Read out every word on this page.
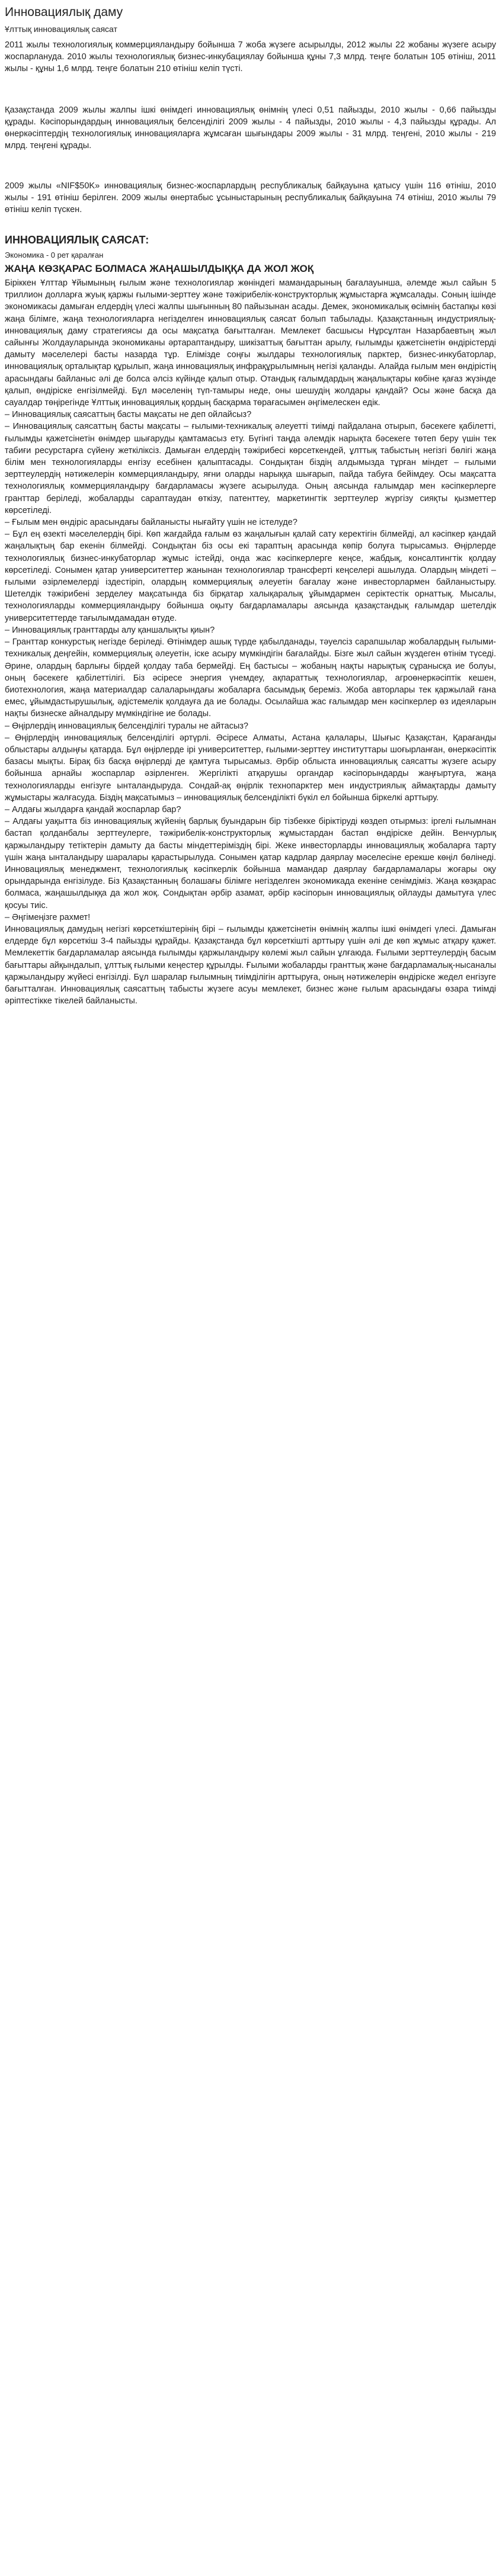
Инновациялық даму

Ұлттық инновациялық саясат

2011 жылы технологиялық коммерцияландыру бойынша 7 жоба жүзеге асырылды, 2012 жылы 22 жобаны жүзеге асыру жоспарлануда. 2010 жылы технологиялық бизнес-инкубациялау бойынша құны 7,3 млрд. теңге болатын 105 өтініш, 2011 жылы - құны 1,6 млрд. теңге болатын 210 өтініш келіп түсті.

Қазақстанда 2009 жылы жалпы ішкі өнімдегі инновациялық өнімнің үлесі 0,51 пайызды, 2010 жылы - 0,66 пайызды құрады. Кәсіпорындардың инновациялық белсенділігі 2009 жылы - 4 пайызды, 2010 жылы - 4,3 пайызды құрады. Ал өнеркәсіптердің технологиялық инновацияларға жұмсаған шығындары 2009 жылы - 31 млрд. теңгені, 2010 жылы - 219 млрд. теңгені құрады.

2009 жылы «NIF$50K» инновациялық бизнес-жоспарлардың республикалық байқауына қатысу үшін 116 өтініш, 2010 жылы - 191 өтініш берілген. 2009 жылы өнертабыс ұсыныстарының республикалық байқауына 74 өтініш, 2010 жылы 79 өтініш келіп түскен.

ИННОВАЦИЯЛЫҚ САЯСАТ:
Экономика - 0 рет қаралған
ЖАҢА КӨЗҚАРАС БОЛМАСА ЖАҢАШЫЛДЫҚҚА ДА ЖОЛ ЖОҚ

Біріккен Ұлттар Ұйымының ғылым және технологиялар жөніндегі мамандарының бағалауынша, әлемде жыл сайын 5 триллион долларға жуық қаржы ғылыми-зерттеу және тәжірибелік-конструкторлық жұмыстарға жұмсалады. Соның ішінде экономикасы дамыған елдердің үлесі жалпы шығынның 80 пайызынан асады. Демек, экономикалық өсімнің бастапқы көзі жаңа білімге, жаңа технологияларға негізделген инновациялық саясат болып табылады. Қазақстанның индустриялық-инновациялық даму стратегиясы да осы мақсатқа бағытталған. Мемлекет басшысы Нұрсұлтан Назарбаевтың жыл сайынғы Жолдауларында экономиканы әртараптандыру, шикізаттық бағыттан арылу, ғылымды қажетсінетін өндірістерді дамыту мәселелері басты назарда тұр. Елімізде соңғы жылдары технологиялық парктер, бизнес-инкубаторлар, инновациялық орталықтар құрылып, жаңа инновациялық инфрақұрылымның негізі қаланды. Алайда ғылым мен өндірістің арасындағы байланыс әлі де болса әлсіз күйінде қалып отыр. Отандық ғалымдардың жаңалықтары көбіне қағаз жүзінде қалып, өндіріске енгізілмейді. Бұл мәселенің түп-тамыры неде, оны шешудің жолдары қандай? Осы және басқа да сауалдар төңірегінде Ұлттық инновациялық қордың басқарма төрағасымен әңгімелескен едік.

– Инновациялық саясаттың басты мақсаты не деп ойлайсыз?

– Инновациялық саясаттың басты мақсаты – ғылыми-техникалық әлеуетті тиімді пайдалана отырып, бәсекеге қабілетті, ғылымды қажетсінетін өнімдер шығаруды қамтамасыз ету. Бүгінгі таңда әлемдік нарықта бәсекеге төтеп беру үшін тек табиғи ресурстарға сүйену жеткіліксіз. Дамыған елдердің тәжірибесі көрсеткендей, ұлттық табыстың негізгі бөлігі жаңа білім мен технологияларды енгізу есебінен қалыптасады. Сондықтан біздің алдымызда тұрған міндет – ғылыми зерттеулердің нәтижелерін коммерцияландыру, яғни оларды нарыққа шығарып, пайда табуға бейімдеу. Осы мақсатта технологиялық коммерцияландыру бағдарламасы жүзеге асырылуда. Оның аясында ғалымдар мен кәсіпкерлерге гранттар беріледі, жобаларды сараптаудан өткізу, патенттеу, маркетингтік зерттеулер жүргізу сияқты қызметтер көрсетіледі.

– Ғылым мен өндіріс арасындағы байланысты нығайту үшін не істелуде?

– Бұл ең өзекті мәселелердің бірі. Көп жағдайда ғалым өз жаңалығын қалай сату керектігін білмейді, ал кәсіпкер қандай жаңалықтың бар екенін білмейді. Сондықтан біз осы екі тараптың арасында көпір болуға тырысамыз. Өңірлерде технологиялық бизнес-инкубаторлар жұмыс істейді, онда жас кәсіпкерлерге кеңсе, жабдық, консалтингтік қолдау көрсетіледі. Сонымен қатар университеттер жанынан технологиялар трансферті кеңселері ашылуда. Олардың міндеті – ғылыми әзірлемелерді іздестіріп, олардың коммерциялық әлеуетін бағалау және инвесторлармен байланыстыру. Шетелдік тәжірибені зерделеу мақсатында біз бірқатар халықаралық ұйымдармен серіктестік орнаттық. Мысалы, технологияларды коммерцияландыру бойынша оқыту бағдарламалары аясында қазақстандық ғалымдар шетелдік университеттерде тағылымдамадан өтуде.

– Инновациялық гранттарды алу қаншалықты қиын?

– Гранттар конкурстық негізде беріледі. Өтінімдер ашық түрде қабылданады, тәуелсіз сарапшылар жобалардың ғылыми-техникалық деңгейін, коммерциялық әлеуетін, іске асыру мүмкіндігін бағалайды. Бізге жыл сайын жүздеген өтінім түседі. Әрине, олардың барлығы бірдей қолдау таба бермейді. Ең бастысы – жобаның нақты нарықтық сұранысқа ие болуы, оның бәсекеге қабілеттілігі. Біз әсіресе энергия үнемдеу, ақпараттық технологиялар, агроөнеркәсіптік кешен, биотехнология, жаңа материалдар салаларындағы жобаларға басымдық береміз. Жоба авторлары тек қаржылай ғана емес, ұйымдастырушылық, әдістемелік қолдауға да ие болады. Осылайша жас ғалымдар мен кәсіпкерлер өз идеяларын нақты бизнеске айналдыру мүмкіндігіне ие болады.

– Өңірлердің инновациялық белсенділігі туралы не айтасыз?

– Өңірлердің инновациялық белсенділігі әртүрлі. Әсіресе Алматы, Астана қалалары, Шығыс Қазақстан, Қарағанды облыстары алдыңғы қатарда. Бұл өңірлерде ірі университеттер, ғылыми-зерттеу институттары шоғырланған, өнеркәсіптік базасы мықты. Бірақ біз басқа өңірлерді де қамтуға тырысамыз. Әрбір облыста инновациялық саясатты жүзеге асыру бойынша арнайы жоспарлар әзірленген. Жергілікті атқарушы органдар кәсіпорындарды жаңғыртуға, жаңа технологияларды енгізуге ынталандыруда. Сондай-ақ өңірлік технопарктер мен индустриялық аймақтарды дамыту жұмыстары жалғасуда. Біздің мақсатымыз – инновациялық белсенділікті бүкіл ел бойынша біркелкі арттыру.

– Алдағы жылдарға қандай жоспарлар бар?

– Алдағы уақытта біз инновациялық жүйенің барлық буындарын бір тізбекке біріктіруді көздеп отырмыз: іргелі ғылымнан бастап қолданбалы зерттеулерге, тәжірибелік-конструкторлық жұмыстардан бастап өндіріске дейін. Венчурлық қаржыландыру тетіктерін дамыту да басты міндеттеріміздің бірі. Жеке инвесторларды инновациялық жобаларға тарту үшін жаңа ынталандыру шаралары қарастырылуда. Сонымен қатар кадрлар даярлау мәселесіне ерекше көңіл бөлінеді. Инновациялық менеджмент, технологиялық кәсіпкерлік бойынша мамандар даярлау бағдарламалары жоғары оқу орындарында енгізілуде. Біз Қазақстанның болашағы білімге негізделген экономикада екеніне сенімдіміз. Жаңа көзқарас болмаса, жаңашылдыққа да жол жоқ. Сондықтан әрбір азамат, әрбір кәсіпорын инновациялық ойлауды дамытуға үлес қосуы тиіс.

– Әңгімеңізге рахмет!

Инновациялық дамудың негізгі көрсеткіштерінің бірі – ғылымды қажетсінетін өнімнің жалпы ішкі өнімдегі үлесі. Дамыған елдерде бұл көрсеткіш 3-4 пайызды құрайды. Қазақстанда бұл көрсеткішті арттыру үшін әлі де көп жұмыс атқару қажет. Мемлекеттік бағдарламалар аясында ғылымды қаржыландыру көлемі жыл сайын ұлғаюда. Ғылыми зерттеулердің басым бағыттары айқындалып, ұлттық ғылыми кеңестер құрылды. Ғылыми жобаларды гранттық және бағдарламалық-нысаналы қаржыландыру жүйесі енгізілді. Бұл шаралар ғылымның тиімділігін арттыруға, оның нәтижелерін өндіріске жедел енгізуге бағытталған. Инновациялық саясаттың табысты жүзеге асуы мемлекет, бизнес және ғылым арасындағы өзара тиімді әріптестікке тікелей байланысты.
